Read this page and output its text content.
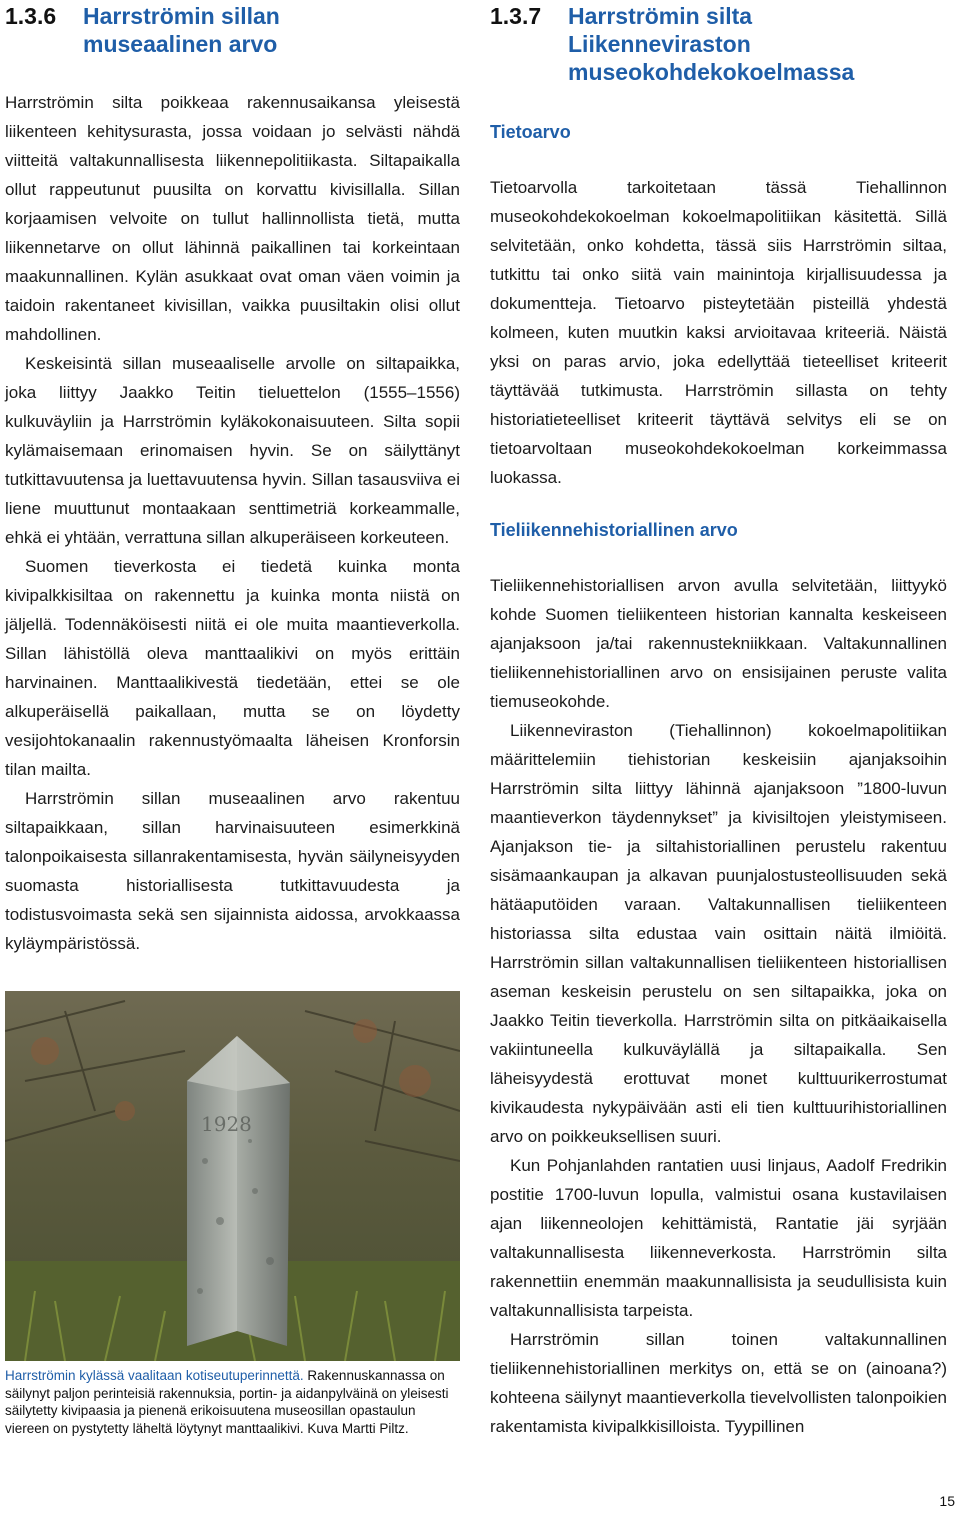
1.3.6	Harrströmin sillan
museaalinen arvo

Harrströmin silta poikkeaa rakennusaikansa yleisestä liikenteen kehitysurasta, jossa voidaan jo selvästi nähdä viitteitä valtakunnallisesta liikennepolitiikasta. Siltapaikalla ollut rappeutunut puusilta on korvattu kivisillalla. Sillan korjaamisen velvoite on tullut hallinnollista tietä, mutta liikennetarve on ollut lähinnä paikallinen tai korkeintaan maakunnallinen. Kylän asukkaat ovat oman väen voimin ja taidoin rakentaneet kivisillan, vaikka puusiltakin olisi ollut mahdollinen.

Keskeisintä sillan museaaliselle arvolle on siltapaikka, joka liittyy Jaakko Teitin tieluettelon (1555–1556) kulkuväyliin ja Harrströmin kyläkokonaisuuteen. Silta sopii kylämaisemaan erinomaisen hyvin. Se on säilyttänyt tutkittavuutensa ja luettavuutensa hyvin. Sillan tasausviiva ei liene muuttunut montaakaan senttimetriä korkeammalle, ehkä ei yhtään, verrattuna sillan alkuperäiseen korkeuteen.

Suomen tieverkosta ei tiedetä kuinka monta kivipalkkisiltaa on rakennettu ja kuinka monta niistä on jäljellä. Todennäköisesti niitä ei ole muita maantieverkolla. Sillan lähistöllä oleva manttaalikivi on myös erittäin harvinainen. Manttaalikivestä tiedetään, ettei se ole alkuperäisellä paikallaan, mutta se on löydetty vesijohtokanaalin rakennustyömaalta läheisen Kronforsin tilan mailta.

Harrströmin sillan museaalinen arvo rakentuu siltapaikkaan, sillan harvinaisuuteen esimerkkinä talonpoikaisesta sillanrakentamisesta, hyvän säilyneisyyden suomasta historiallisesta tutkittavuudesta ja todistusvoimasta sekä sen sijainnista aidossa, arvokkaassa kyläympäristössä.

1928

Harrströmin kylässä vaalitaan kotiseutuperinnettä. Rakennuskannassa on säilynyt paljon perinteisiä rakennuksia, portin- ja aidanpylväinä on yleisesti säilytetty kivipaasia ja pienenä erikoisuutena museosillan opastaulun viereen on pystytetty läheltä löytynyt manttaalikivi. Kuva Martti Piltz.

1.3.7	Harrströmin silta
Liikenneviraston
museokohdekokoelmassa
Tietoarvo

Tietoarvolla tarkoitetaan tässä Tiehallinnon museokohdekokoelman kokoelmapolitiikan käsitettä. Sillä selvitetään, onko kohdetta, tässä siis Harrströmin siltaa, tutkittu tai onko siitä vain mainintoja kirjallisuudessa ja dokumentteja. Tietoarvo pisteytetään pisteillä yhdestä kolmeen, kuten muutkin kaksi arvioitavaa kriteeriä. Näistä yksi on paras arvio, joka edellyttää tieteelliset kriteerit täyttävää tutkimusta. Harrströmin sillasta on tehty historiatieteelliset kriteerit täyttävä selvitys eli se on tietoarvoltaan museokohdekokoelman korkeimmassa luokassa.

Tieliikennehistoriallinen arvo

Tieliikennehistoriallisen arvon avulla selvitetään, liittyykö kohde Suomen tieliikenteen historian kannalta keskeiseen ajanjaksoon ja/tai rakennustekniikkaan. Valtakunnallinen tieliikennehistoriallinen arvo on ensisijainen peruste valita tiemuseokohde.

Liikenneviraston (Tiehallinnon) kokoelmapolitiikan määrittelemiin tiehistorian keskeisiin ajanjaksoihin Harrströmin silta liittyy lähinnä ajanjaksoon ”1800-luvun maantieverkon täydennykset” ja kivisiltojen yleistymiseen. Ajanjakson tie- ja siltahistoriallinen perustelu rakentuu sisämaankaupan ja alkavan puunjalostusteollisuuden sekä hätäaputöiden varaan. Valtakunnallisen tieliikenteen historiassa silta edustaa vain osittain näitä ilmiöitä. Harrströmin sillan valtakunnallisen tieliikenteen historiallisen aseman keskeisin perustelu on sen siltapaikka, joka on Jaakko Teitin tieverkolla. Harrströmin silta on pitkäaikaisella vakiintuneella kulkuväylällä ja siltapaikalla. Sen läheisyydestä erottuvat monet kulttuurikerrostumat kivikaudesta nykypäivään asti eli tien kulttuurihistoriallinen arvo on poikkeuksellisen suuri.

Kun Pohjanlahden rantatien uusi linjaus, Aadolf Fredrikin postitie 1700-luvun lopulla, valmistui osana kustavilaisen ajan liikenneolojen kehittämistä, Rantatie jäi syrjään valtakunnallisesta liikenneverkosta. Harrströmin silta rakennettiin enemmän maakunnallisista ja seudullisista kuin valtakunnallisista tarpeista.

Harrströmin sillan toinen valtakunnallinen tieliikennehistoriallinen merkitys on, että se on (ainoana?) kohteena säilynyt maantieverkolla tievelvollisten talonpoikien rakentamista kivipalkkisilloista. Tyypillinen

15
